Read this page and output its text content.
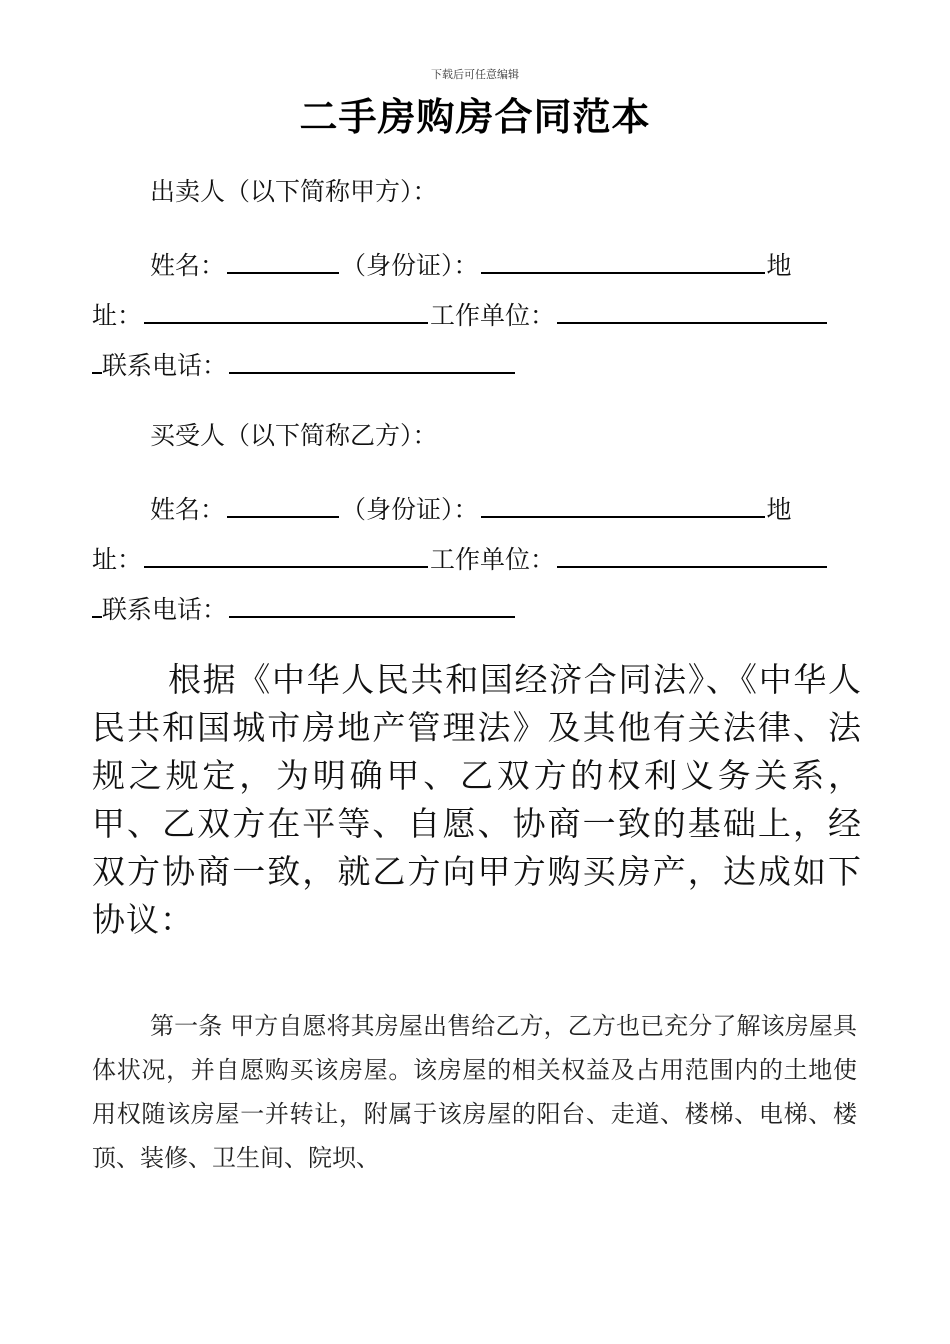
下载后可任意编辑
二手房购房合同范本
出卖人（以下简称甲方）：
姓名：	（身份证）：	地
址：	工作单位：
联系电话：
买受人（以下简称乙方）：
姓名：	（身份证）：	地
址：	工作单位：
联系电话：

根据《中华人民共和国经济合同法》、《中华人民共和国城市房地产管理法》及其他有关法律、法规之规定，为明确甲、乙双方的权利义务关系，甲、乙双方在平等、自愿、协商一致的基础上，经双方协商一致，就乙方向甲方购买房产，达成如下协议：

第一条 甲方自愿将其房屋出售给乙方，乙方也已充分了解该房屋具体状况，并自愿购买该房屋。该房屋的相关权益及占用范围内的土地使用权随该房屋一并转让，附属于该房屋的阳台、走道、楼梯、电梯、楼顶、装修、卫生间、院坝、
